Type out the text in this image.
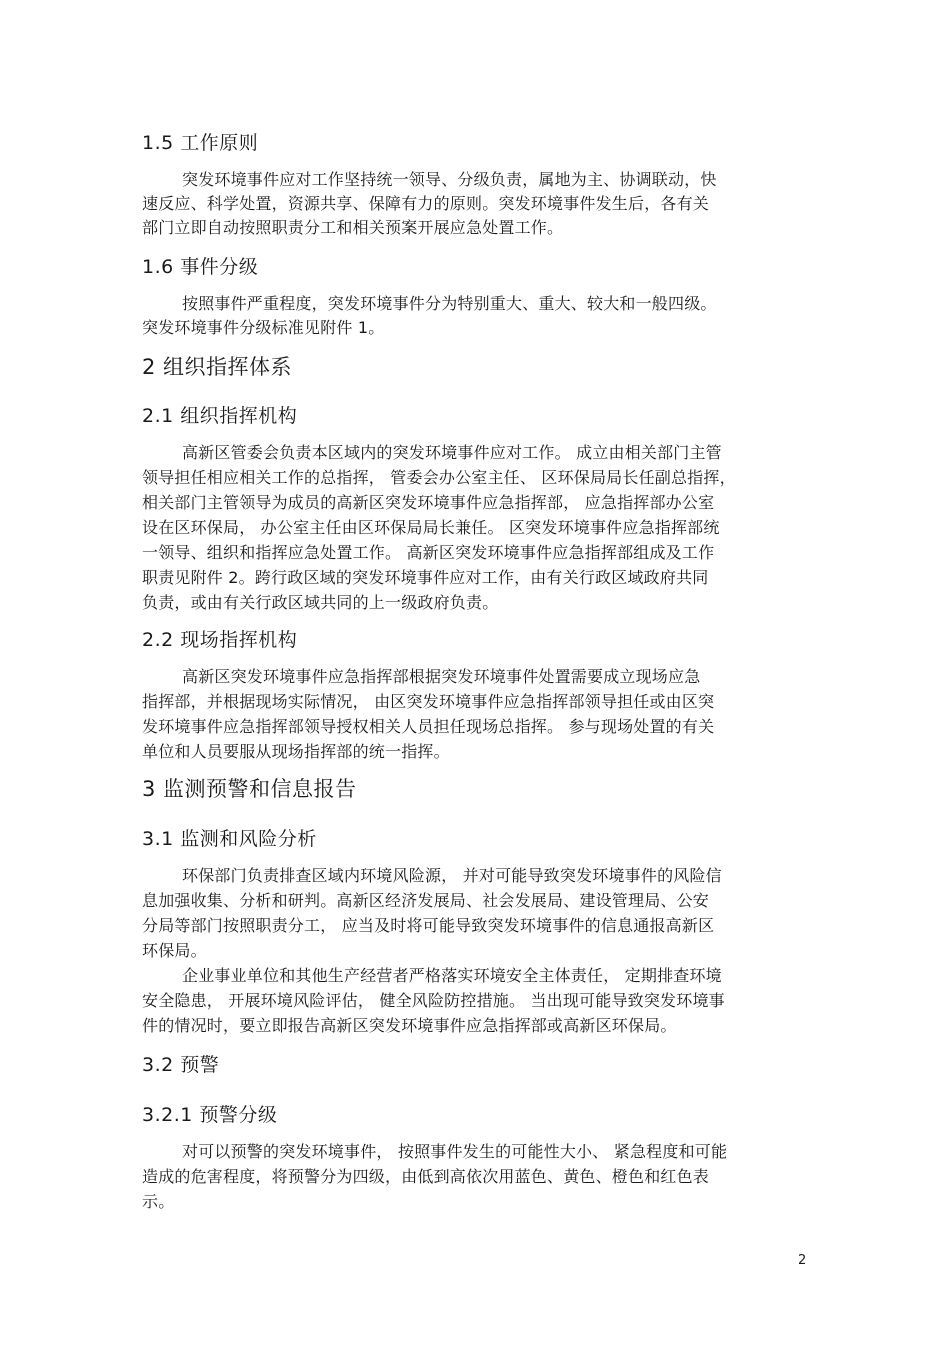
1.5 工作原则
突发环境事件应对工作坚持统一领导、分级负责，属地为主、协调联动，快
速反应、科学处置，资源共享、保障有力的原则。突发环境事件发生后，各有关
部门立即自动按照职责分工和相关预案开展应急处置工作。
1.6 事件分级
按照事件严重程度，突发环境事件分为特别重大、重大、较大和一般四级。
突发环境事件分级标准见附件 1。
2 组织指挥体系
2.1 组织指挥机构
高新区管委会负责本区域内的突发环境事件应对工作。 成立由相关部门主管
领导担任相应相关工作的总指挥， 管委会办公室主任、 区环保局局长任副总指挥，
相关部门主管领导为成员的高新区突发环境事件应急指挥部， 应急指挥部办公室
设在区环保局， 办公室主任由区环保局局长兼任。 区突发环境事件应急指挥部统
一领导、组织和指挥应急处置工作。 高新区突发环境事件应急指挥部组成及工作
职责见附件 2。跨行政区域的突发环境事件应对工作，由有关行政区域政府共同
负责，或由有关行政区域共同的上一级政府负责。
2.2 现场指挥机构
高新区突发环境事件应急指挥部根据突发环境事件处置需要成立现场应急
指挥部，并根据现场实际情况， 由区突发环境事件应急指挥部领导担任或由区突
发环境事件应急指挥部领导授权相关人员担任现场总指挥。 参与现场处置的有关
单位和人员要服从现场指挥部的统一指挥。
3 监测预警和信息报告
3.1 监测和风险分析
环保部门负责排查区域内环境风险源， 并对可能导致突发环境事件的风险信
息加强收集、分析和研判。高新区经济发展局、社会发展局、建设管理局、公安
分局等部门按照职责分工， 应当及时将可能导致突发环境事件的信息通报高新区
环保局。
企业事业单位和其他生产经营者严格落实环境安全主体责任， 定期排查环境
安全隐患， 开展环境风险评估， 健全风险防控措施。 当出现可能导致突发环境事
件的情况时，要立即报告高新区突发环境事件应急指挥部或高新区环保局。
3.2 预警
3.2.1 预警分级
对可以预警的突发环境事件， 按照事件发生的可能性大小、 紧急程度和可能
造成的危害程度，将预警分为四级，由低到高依次用蓝色、黄色、橙色和红色表
示。
2
